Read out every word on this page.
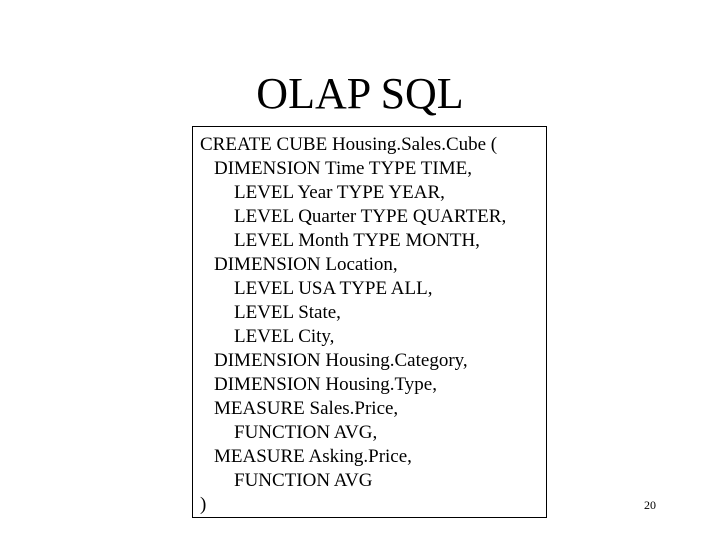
OLAP SQL
CREATE CUBE Housing.Sales.Cube (
DIMENSION Time TYPE TIME,
LEVEL Year TYPE YEAR,
LEVEL Quarter TYPE QUARTER,
LEVEL Month TYPE MONTH,
DIMENSION Location,
LEVEL USA TYPE ALL,
LEVEL State,
LEVEL City,
DIMENSION Housing.Category,
DIMENSION Housing.Type,
MEASURE Sales.Price,
FUNCTION AVG,
MEASURE Asking.Price,
FUNCTION AVG
)	20
